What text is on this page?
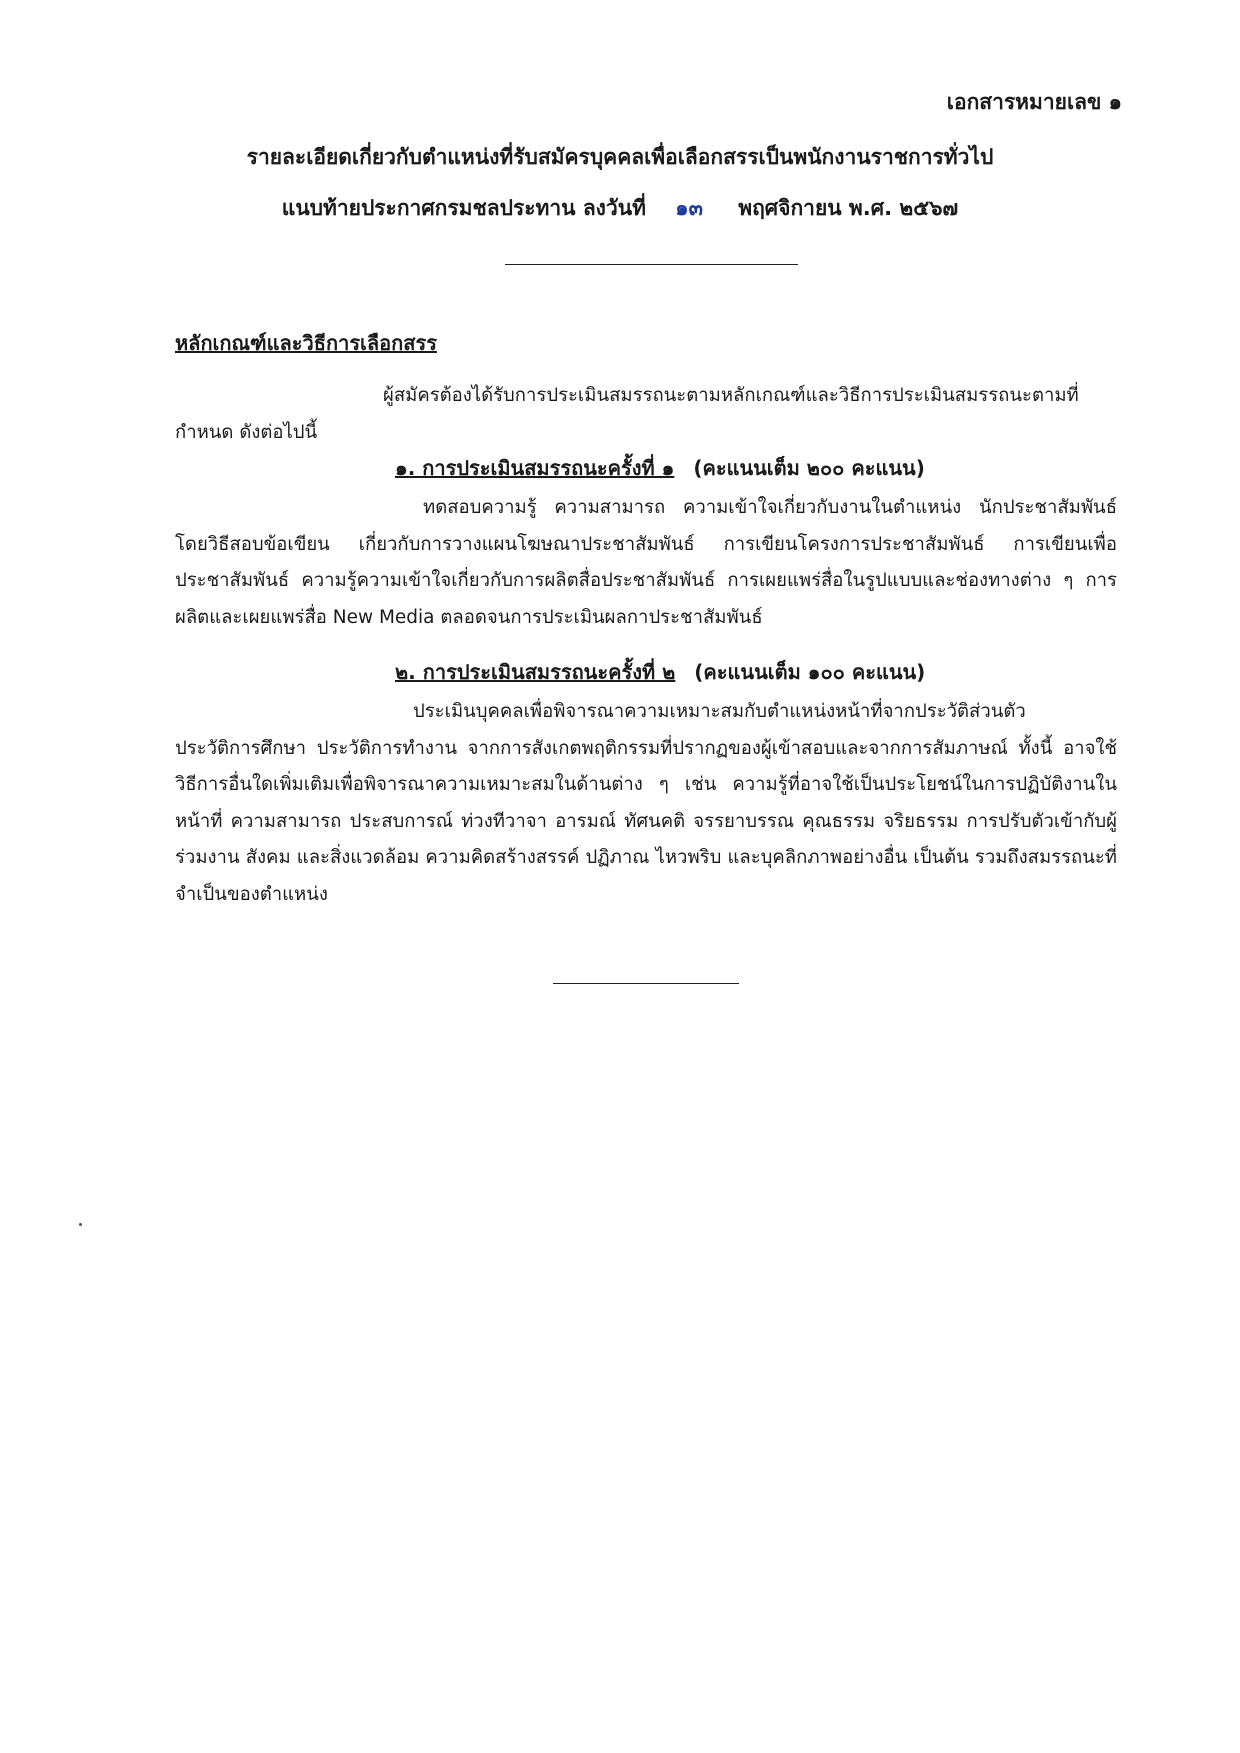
เอกสารหมายเลข ๑
รายละเอียดเกี่ยวกับตำแหน่งที่รับสมัครบุคคลเพื่อเลือกสรรเป็นพนักงานราชการทั่วไป
แนบท้ายประกาศกรมชลประทาน ลงวันที่ ๑๓ พฤศจิกายน พ.ศ. ๒๕๖๗
หลักเกณฑ์และวิธีการเลือกสรร
ผู้สมัครต้องได้รับการประเมินสมรรถนะตามหลักเกณฑ์และวิธีการประเมินสมรรถนะตามที่กำหนด ดังต่อไปนี้
๑. การประเมินสมรรถนะครั้งที่ ๑ (คะแนนเต็ม ๒๐๐ คะแนน)
ทดสอบความรู้ ความสามารถ ความเข้าใจเกี่ยวกับงานในตำแหน่ง นักประชาสัมพันธ์ โดยวิธีสอบข้อเขียน เกี่ยวกับการวางแผนโฆษณาประชาสัมพันธ์ การเขียนโครงการประชาสัมพันธ์ การเขียนเพื่อประชาสัมพันธ์ ความรู้ความเข้าใจเกี่ยวกับการผลิตสื่อประชาสัมพันธ์ การเผยแพร่สื่อในรูปแบบและช่องทางต่าง ๆ การผลิตและเผยแพร่สื่อ New Media ตลอดจนการประเมินผลกาประชาสัมพันธ์
๒. การประเมินสมรรถนะครั้งที่ ๒ (คะแนนเต็ม ๑๐๐ คะแนน)
ประเมินบุคคลเพื่อพิจารณาความเหมาะสมกับตำแหน่งหน้าที่จากประวัติส่วนตัว ประวัติการศึกษา ประวัติการทำงาน จากการสังเกตพฤติกรรมที่ปรากฏของผู้เข้าสอบและจากการสัมภาษณ์ ทั้งนี้ อาจใช้วิธีการอื่นใดเพิ่มเติมเพื่อพิจารณาความเหมาะสมในด้านต่าง ๆ เช่น ความรู้ที่อาจใช้เป็นประโยชน์ในการปฏิบัติงานในหน้าที่ ความสามารถ ประสบการณ์ ท่วงทีวาจา อารมณ์ ทัศนคติ จรรยาบรรณ คุณธรรม จริยธรรม การปรับตัวเข้ากับผู้ร่วมงาน สังคม และสิ่งแวดล้อม ความคิดสร้างสรรค์ ปฏิภาณ ไหวพริบ และบุคลิกภาพอย่างอื่น เป็นต้น รวมถึงสมรรถนะที่จำเป็นของตำแหน่ง
